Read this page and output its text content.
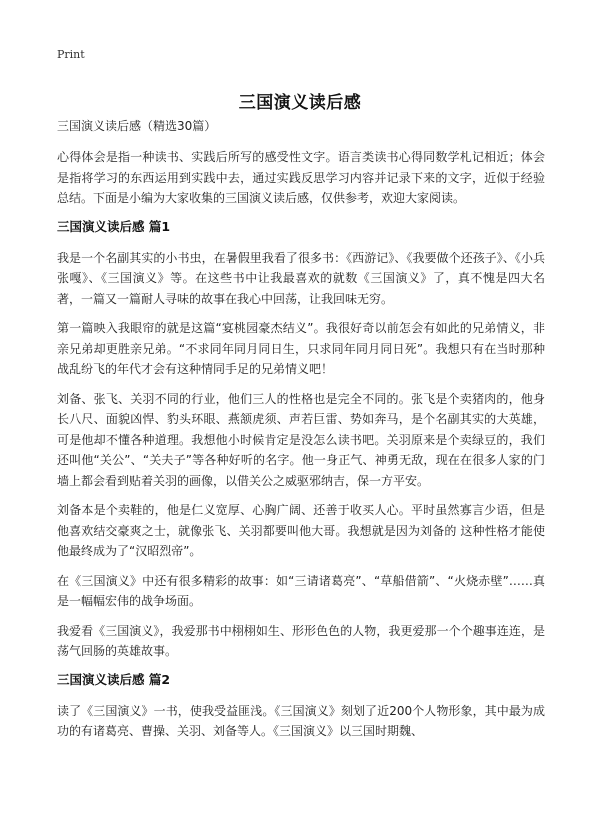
Print
三国演义读后感
三国演义读后感（精选30篇）

心得体会是指一种读书、实践后所写的感受性文字。语言类读书心得同数学札记相近；体会是指将学习的东西运用到实践中去，通过实践反思学习内容并记录下来的文字，近似于经验总结。下面是小编为大家收集的三国演义读后感，仅供参考，欢迎大家阅读。

三国演义读后感 篇1

我是一个名副其实的小书虫，在暑假里我看了很多书：《西游记》、《我要做个还孩子》、《小兵张嘎》、《三国演义》等。在这些书中让我最喜欢的就数《三国演义》了，真不愧是四大名著，一篇又一篇耐人寻味的故事在我心中回荡，让我回味无穷。

第一篇映入我眼帘的就是这篇“宴桃园豪杰结义”。我很好奇以前怎会有如此的兄弟情义，非亲兄弟却更胜亲兄弟。“不求同年同月同日生，只求同年同月同日死”。我想只有在当时那种战乱纷飞的年代才会有这种情同手足的兄弟情义吧！

刘备、张飞、关羽不同的行业，他们三人的性格也是完全不同的。张飞是个卖猪肉的，他身长八尺、面貌凶悍、豹头环眼、燕颔虎须、声若巨雷、势如奔马，是个名副其实的大英雄，可是他却不懂各种道理。我想他小时候肯定是没怎么读书吧。关羽原来是个卖绿豆的，我们还叫他“关公”、“关夫子”等各种好听的名字。他一身正气、神勇无敌，现在在很多人家的门墙上都会看到贴着关羽的画像，以借关公之威驱邪纳吉，保一方平安。

刘备本是个卖鞋的，他是仁义宽厚、心胸广阔、还善于收买人心。平时虽然寡言少语，但是他喜欢结交豪爽之士，就像张飞、关羽都要叫他大哥。我想就是因为刘备的 这种性格才能使他最终成为了“汉昭烈帝”。

在《三国演义》中还有很多精彩的故事：如“三请诸葛亮”、“草船借箭”、“火烧赤壁”……真是一幅幅宏伟的战争场面。

我爱看《三国演义》，我爱那书中栩栩如生、形形色色的人物，我更爱那一个个趣事连连，是荡气回肠的英雄故事。

三国演义读后感 篇2

读了《三国演义》一书，使我受益匪浅。《三国演义》刻划了近200个人物形象，其中最为成功的有诸葛亮、曹操、关羽、刘备等人。《三国演义》以三国时期魏、
